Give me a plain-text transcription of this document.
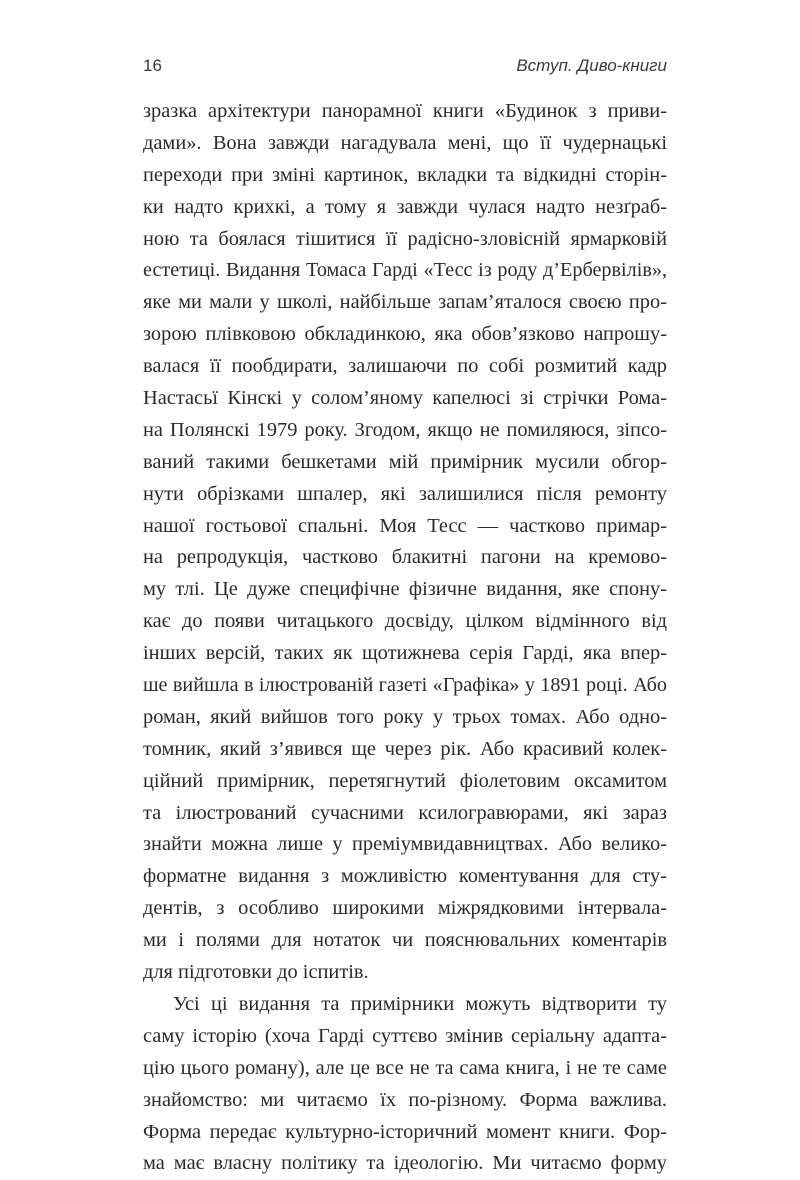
16	Вступ. Диво-книги
зразка архітектури панорамної книги «Будинок з приви-
дами». Вона завжди нагадувала мені, що її чудернацькі
переходи при зміні картинок, вкладки та відкидні сторін-
ки надто крихкі, а тому я завжди чулася надто незґраб-
ною та боялася тішитися її радісно-зловісній ярмарковій
естетиці. Видання Томаса Гарді «Тесс із роду д’Ербервілів»,
яке ми мали у школі, найбільше запам’яталося своєю про-
зорою плівковою обкладинкою, яка обов’язково напрошу-
валася її пообдирати, залишаючи по собі розмитий кадр
Настасьї Кінскі у солом’яному капелюсі зі стрічки Рома-
на Полянскі 1979 року. Згодом, якщо не помиляюся, зіпсо-
ваний такими бешкетами мій примірник мусили обгор-
нути обрізками шпалер, які залишилися після ремонту
нашої гостьової спальні. Моя Тесс — частково примар-
на репродукція, частково блакитні пагони на кремово-
му тлі. Це дуже специфічне фізичне видання, яке спону-
кає до появи читацького досвіду, цілком відмінного від
інших версій, таких як щотижнева серія Гарді, яка впер-
ше вийшла в ілюстрованій газеті «Графіка» у 1891 році. Або
роман, який вийшов того року у трьох томах. Або одно-
томник, який з’явився ще через рік. Або красивий колек-
ційний примірник, перетягнутий фіолетовим оксамитом
та ілюстрований сучасними ксилогравюрами, які зараз
знайти можна лише у преміумвидавництвах. Або велико-
форматне видання з можливістю коментування для сту-
дентів, з особливо широкими міжрядковими інтервала-
ми і полями для нотаток чи пояснювальних коментарів
для підготовки до іспитів.
Усі ці видання та примірники можуть відтворити ту
саму історію (хоча Гарді суттєво змінив серіальну адапта-
цію цього роману), але це все не та сама книга, і не те саме
знайомство: ми читаємо їх по-різному. Форма важлива.
Форма передає культурно-історичний момент книги. Фор-
ма має власну політику та ідеологію. Ми читаємо форму
